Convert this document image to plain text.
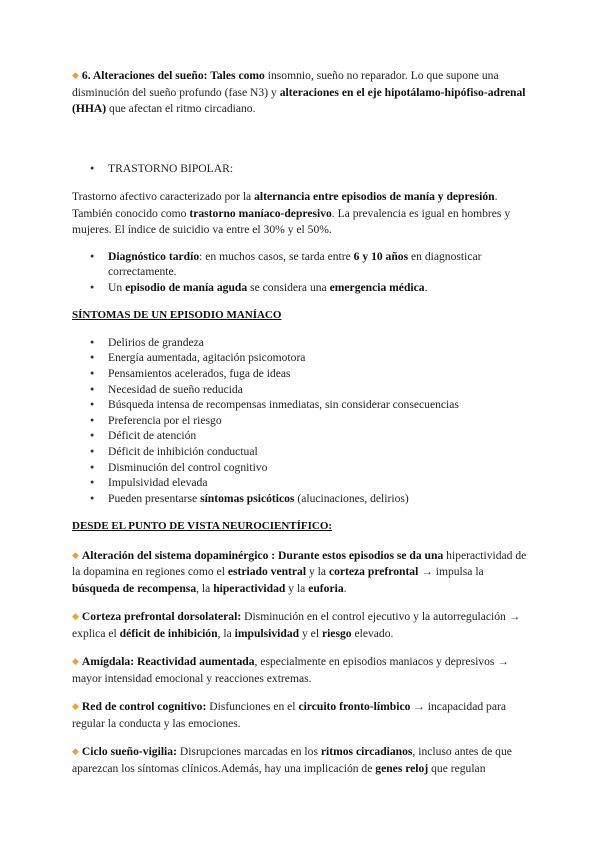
◆ 6. Alteraciones del sueño: Tales como insomnio, sueño no reparador. Lo que supone una disminución del sueño profundo (fase N3) y alteraciones en el eje hipotálamo-hipófiso-adrenal (HHA) que afectan el ritmo circadiano.

● TRASTORNO BIPOLAR:

Trastorno afectivo caracterizado por la alternancia entre episodios de manía y depresión. También conocido como trastorno maníaco-depresivo. La prevalencia es igual en hombres y mujeres. El índice de suicidio va entre el 30% y el 50%.

● Diagnóstico tardío: en muchos casos, se tarda entre 6 y 10 años en diagnosticar correctamente.
● Un episodio de manía aguda se considera una emergencia médica.

SÍNTOMAS DE UN EPISODIO MANÍACO

● Delirios de grandeza
● Energía aumentada, agitación psicomotora
● Pensamientos acelerados, fuga de ideas
● Necesidad de sueño reducida
● Búsqueda intensa de recompensas inmediatas, sin considerar consecuencias
● Preferencia por el riesgo
● Déficit de atención
● Déficit de inhibición conductual
● Disminución del control cognitivo
● Impulsividad elevada
● Pueden presentarse síntomas psicóticos (alucinaciones, delirios)

DESDE EL PUNTO DE VISTA NEUROCIENTÍFICO:

◆ Alteración del sistema dopaminérgico : Durante estos episodios se da una hiperactividad de la dopamina en regiones como el estriado ventral y la corteza prefrontal → impulsa la búsqueda de recompensa, la hiperactividad y la euforia.

◆ Corteza prefrontal dorsolateral: Disminución en el control ejecutivo y la autorregulación → explica el déficit de inhibición, la impulsividad y el riesgo elevado.

◆ Amígdala: Reactividad aumentada, especialmente en episodios maniacos y depresivos → mayor intensidad emocional y reacciones extremas.

◆ Red de control cognitivo: Disfunciones en el circuito fronto-límbico → incapacidad para regular la conducta y las emociones.

◆ Ciclo sueño-vigilia: Disrupciones marcadas en los ritmos circadianos, incluso antes de que aparezcan los síntomas clínicos.Además, hay una implicación de genes reloj que regulan
